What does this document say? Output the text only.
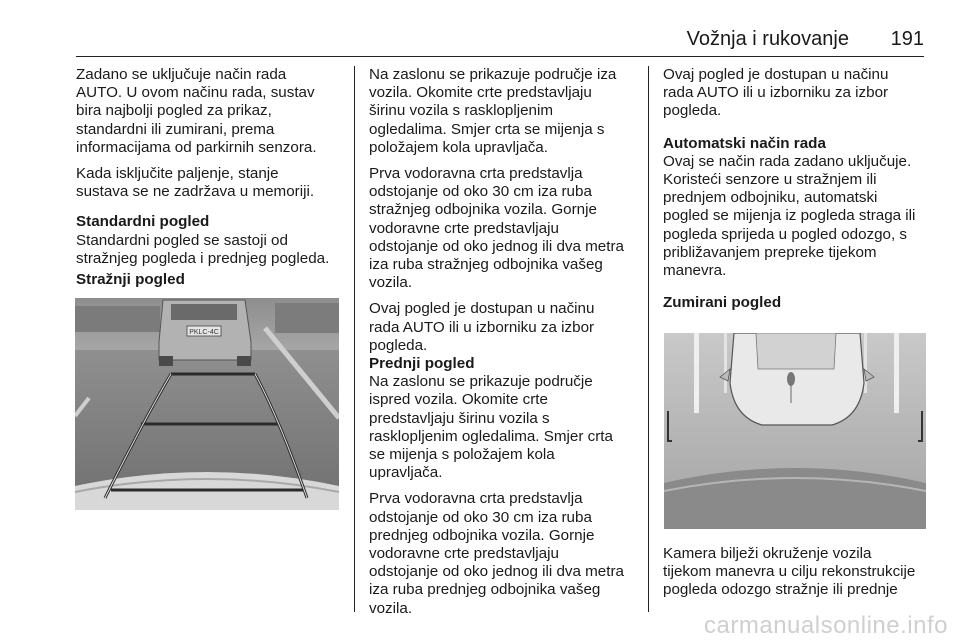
Vožnja i rukovanje 191

Zadano se uključuje način rada
AUTO. U ovom načinu rada, sustav
bira najbolji pogled za prikaz,
standardni ili zumirani, prema
informacijama od parkirnih senzora.

Kada isključite paljenje, stanje
sustava se ne zadržava u memoriji.

Standardni pogled

Standardni pogled se sastoji od
stražnjeg pogleda i prednjeg pogleda.

Stražnji pogled
PKLC-4C

Na zaslonu se prikazuje područje iza
vozila. Okomite crte predstavljaju
širinu vozila s rasklopljenim
ogledalima. Smjer crta se mijenja s
položajem kola upravljača.

Prva vodoravna crta predstavlja
odstojanje od oko 30 cm iza ruba
stražnjeg odbojnika vozila. Gornje
vodoravne crte predstavljaju
odstojanje od oko jednog ili dva metra
iza ruba stražnjeg odbojnika vašeg
vozila.

Ovaj pogled je dostupan u načinu
rada AUTO ili u izborniku za izbor
pogleda.

Prednji pogled

Na zaslonu se prikazuje područje
ispred vozila. Okomite crte
predstavljaju širinu vozila s
rasklopljenim ogledalima. Smjer crta
se mijenja s položajem kola
upravljača.

Prva vodoravna crta predstavlja
odstojanje od oko 30 cm iza ruba
prednjeg odbojnika vozila. Gornje
vodoravne crte predstavljaju
odstojanje od oko jednog ili dva metra
iza ruba prednjeg odbojnika vašeg
vozila.

Ovaj pogled je dostupan u načinu
rada AUTO ili u izborniku za izbor
pogleda.

Automatski način rada

Ovaj se način rada zadano uključuje.
Koristeći senzore u stražnjem ili
prednjem odbojniku, automatski
pogled se mijenja iz pogleda straga ili
pogleda sprijeda u pogled odozgo, s
približavanjem prepreke tijekom
manevra.

Zumirani pogled

Kamera bilježi okruženje vozila
tijekom manevra u cilju rekonstrukcije
pogleda odozgo stražnje ili prednje

carmanualsonline.info
